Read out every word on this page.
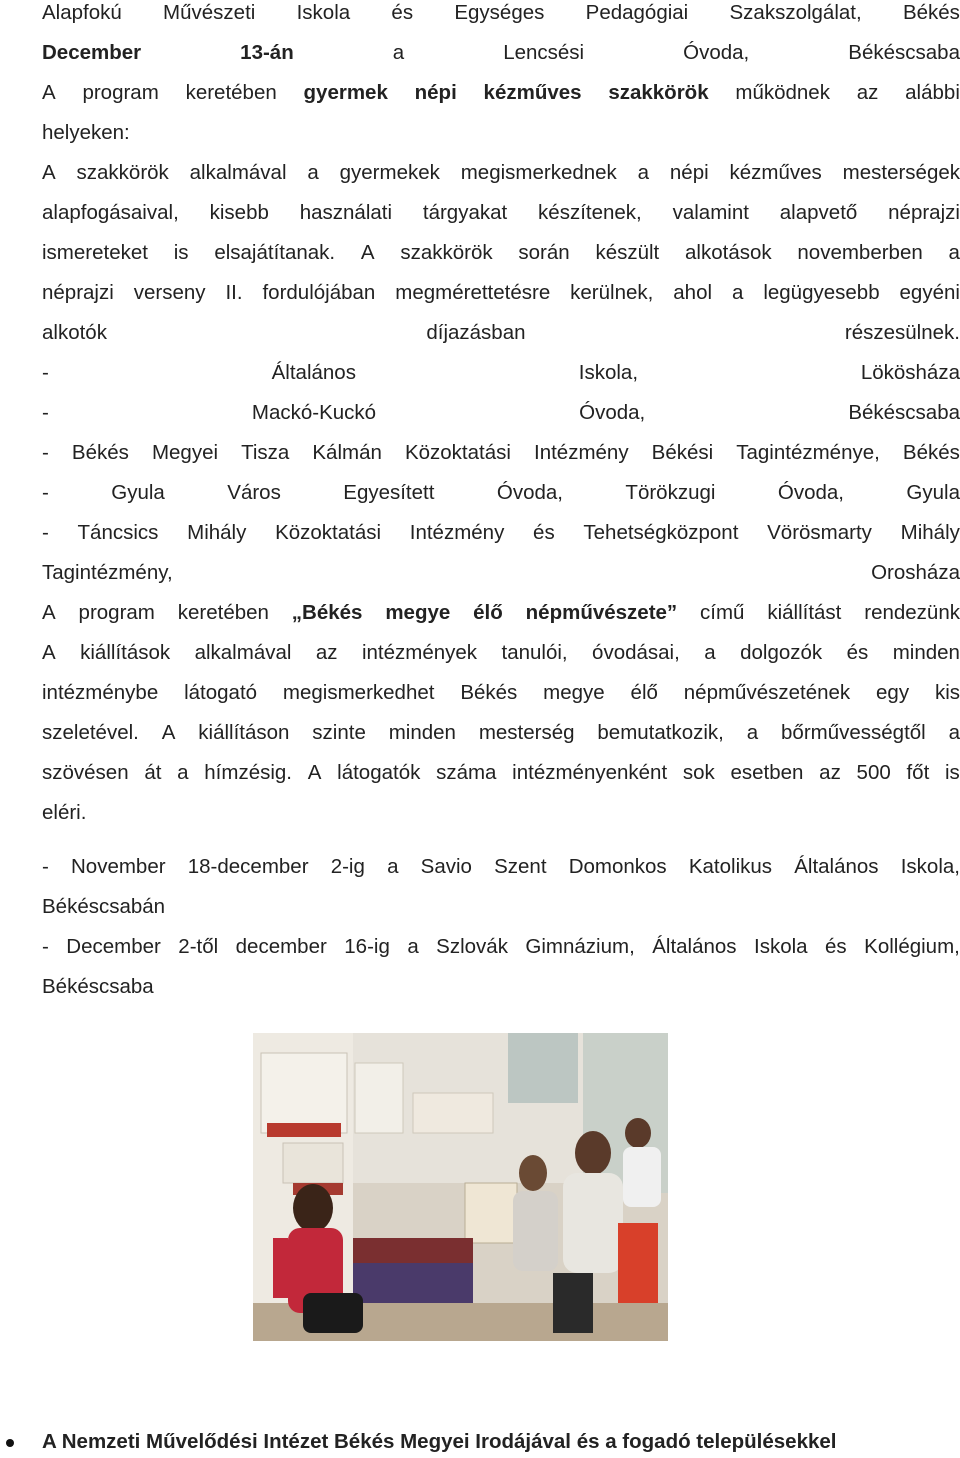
Alapfokú Művészeti Iskola és Egységes Pedagógiai Szakszolgálat, Békés
December	13-án	a	Lencsési	Óvoda,	Békéscsaba
A program keretében gyermek népi kézműves szakkörök működnek az alábbi
helyeken:
A szakkörök alkalmával a gyermekek megismerkednek a népi kézműves mesterségek
alapfogásaival, kisebb használati tárgyakat készítenek, valamint alapvető néprajzi
ismereteket is elsajátítanak. A szakkörök során készült alkotások novemberben a
néprajzi verseny II. fordulójában megmérettetésre kerülnek, ahol a legügyesebb egyéni
alkotók	díjazásban	részesülnek.
-	Általános	Iskola,	Lökösháza
-	Mackó-Kuckó	Óvoda,	Békéscsaba
- Békés Megyei Tisza Kálmán Közoktatási Intézmény Békési Tagintézménye, Békés
-	Gyula	Város	Egyesített	Óvoda,	Törökzugi	Óvoda,	Gyula
- Táncsics Mihály Közoktatási Intézmény és Tehetségközpont Vörösmarty Mihály
Tagintézmény,	Orosháza
A program keretében „Békés megye élő népművészete” című kiállítást rendezünk
A kiállítások alkalmával az intézmények tanulói, óvodásai, a dolgozók és minden
intézménybe látogató megismerkedhet Békés megye élő népművészetének egy kis
szeletével. A kiállításon szinte minden mesterség bemutatkozik, a bőrművességtől a
szövésen át a hímzésig. A látogatók száma intézményenként sok esetben az 500 főt is
eléri.
- November 18-december 2-ig a Savio Szent Domonkos Katolikus Általános Iskola,
Békéscsabán
- December 2-től december 16-ig a Szlovák Gimnázium, Általános Iskola és Kollégium,
Békéscsaba
A Nemzeti Művelődési Intézet Békés Megyei Irodájával és a fogadó településekkel
